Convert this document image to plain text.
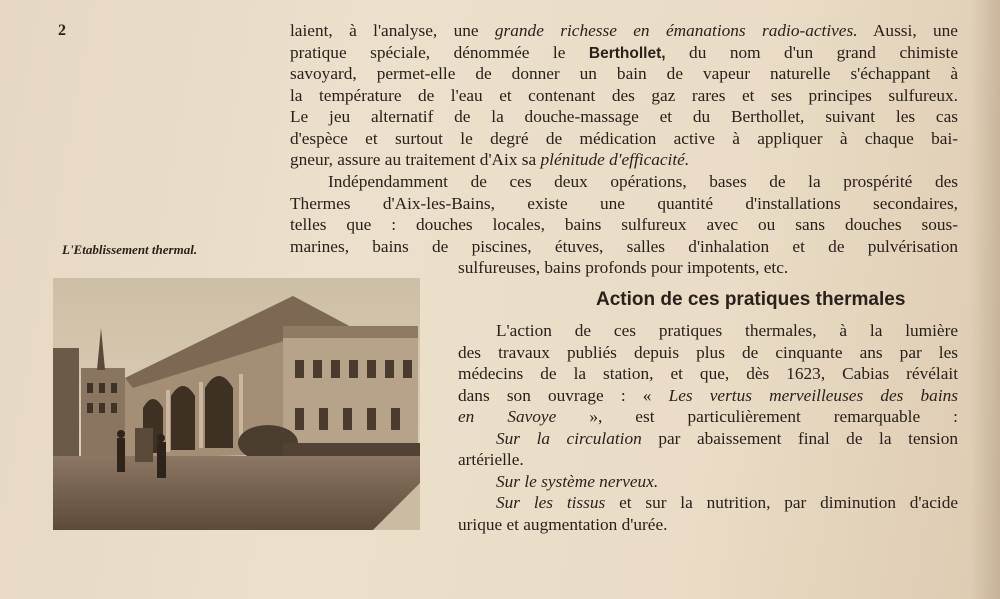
2	laient, à l'analyse, une grande richesse en émanations radio-actives. Aussi, une
pratique spéciale, dénommée le Berthollet, du nom d'un grand chimiste
savoyard, permet-elle de donner un bain de vapeur naturelle s'échappant à
la température de l'eau et contenant des gaz rares et ses principes sulfureux.
Le jeu alternatif de la douche-massage et du Berthollet, suivant les cas
d'espèce et surtout le degré de médication active à appliquer à chaque bai-
gneur, assure au traitement d'Aix sa plénitude d'efficacité.
Indépendamment de ces deux opérations, bases de la prospérité des
Thermes d'Aix-les-Bains, existe une quantité d'installations secondaires,
telles que : douches locales, bains sulfureux avec ou sans douches sous-
marines, bains de piscines, étuves, salles d'inhalation et de pulvérisation
sulfureuses, bains profonds pour impotents, etc.
L'Etablissement thermal.
Action de ces pratiques thermales
L'action de ces pratiques thermales, à la lumière
des travaux publiés depuis plus de cinquante ans par les
médecins de la station, et que, dès 1623, Cabias révélait
dans son ouvrage : « Les vertus merveilleuses des bains
en Savoye », est particulièrement remarquable :
Sur la circulation par abaissement final de la tension
artérielle.
Sur le système nerveux.
Sur les tissus et sur la nutrition, par diminution d'acide
urique et augmentation d'urée.
